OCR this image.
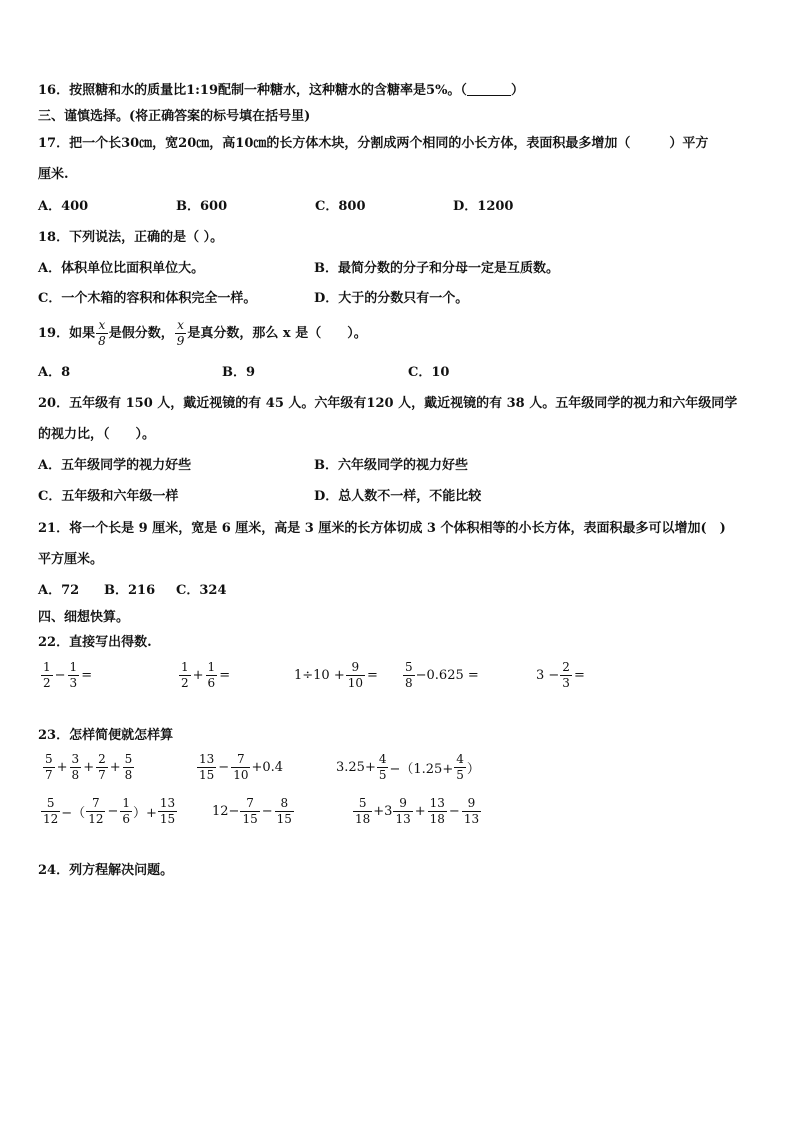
16．按照糖和水的质量比1:19配制一种糖水，这种糖水的含糖率是5%。（	）
三、谨慎选择。(将正确答案的标号填在括号里)
17．把一个长30㎝，宽20㎝，高10㎝的长方体木块，分割成两个相同的小长方体，表面积最多增加（　　　）平方
厘米.
A．400	B．600	C．800	D．1200
18．下列说法，正确的是（ ）。
A．体积单位比面积单位大。	B．最简分数的分子和分母一定是互质数。
C．一个木箱的容积和体积完全一样。	D．大于的分数只有一个。
19．如果 $\frac{x}{8}$ 是假分数， $\frac{x}{9}$ 是真分数，那么 x 是（　　）。
A．8	B．9	C．10
20．五年级有 150 人，戴近视镜的有 45 人。六年级有120 人，戴近视镜的有 38 人。五年级同学的视力和六年级同学
的视力比，（　　）。
A．五年级同学的视力好些	B．六年级同学的视力好些
C．五年级和六年级一样	D．总人数不一样，不能比较
21．将一个长是 9 厘米，宽是 6 厘米，高是 3 厘米的长方体切成 3 个体积相等的小长方体，表面积最多可以增加(　)
平方厘米。
A．72 B．216 C．324
四、细想快算。
22．直接写出得数.
$\frac{1}{2} - \frac{1}{3}$ =	$\frac{1}{2} + \frac{1}{6}$ =	$1\div 10 + \frac{9}{10} = \frac{5}{8} -0.625$ =	$3 - \frac{2}{3}$ =
23．怎样简便就怎样算
$\frac{5}{7} + \frac{3}{8} + \frac{2}{7} + \frac{5}{8}$	$\frac{13}{15} - \frac{7}{10} +0.4$	$3.25+ \frac{4}{5} -(1.25+ \frac{4}{5}$ ）
$\frac{5}{12}$ −（ $\frac{7}{12} - \frac{1}{6}$ ）+ $\frac{13}{15}$	$12- \frac{7}{15} - \frac{8}{15}$	$\frac{5}{18} +3 \frac{9}{13} + \frac{13}{18} - \frac{9}{13}$
24．列方程解决问题。
